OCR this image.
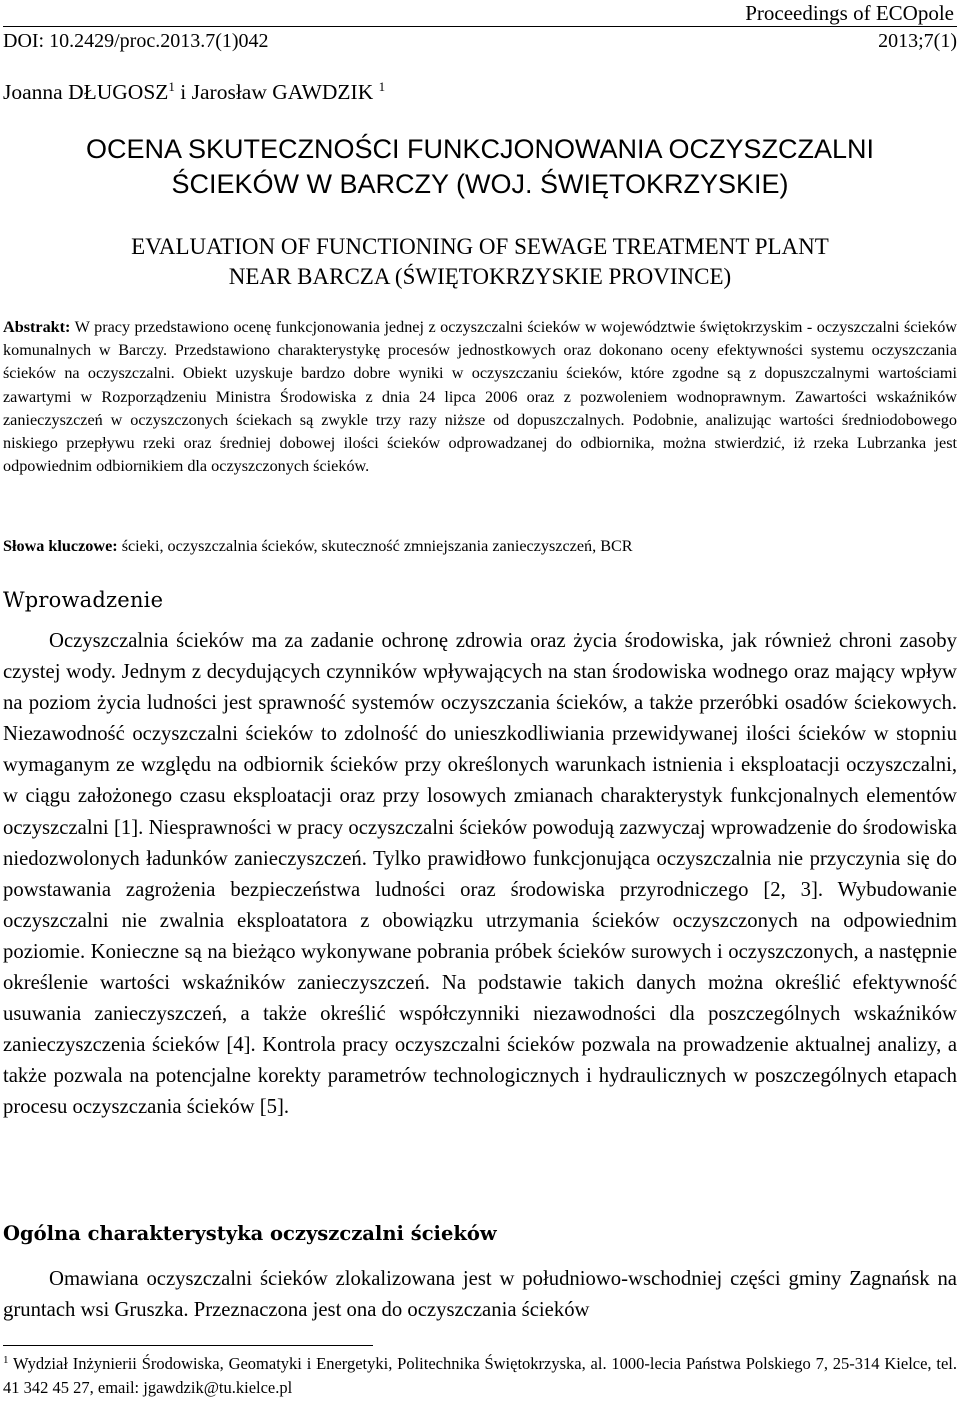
Proceedings of ECOpole
DOI: 10.2429/proc.2013.7(1)042	2013;7(1)
Joanna DŁUGOSZ$^1$ i Jarosław GAWDZIK $^1$
OCENA SKUTECZNOŚCI FUNKCJONOWANIA OCZYSZCZALNI
ŚCIEKÓW W BARCZY (WOJ. ŚWIĘTOKRZYSKIE)
EVALUATION OF FUNCTIONING OF SEWAGE TREATMENT PLANT
NEAR BARCZA (ŚWIĘTOKRZYSKIE PROVINCE)
Abstrakt: W pracy przedstawiono ocenę funkcjonowania jednej z oczyszczalni ścieków w województwie świętokrzyskim - oczyszczalni ścieków komunalnych w Barczy. Przedstawiono charakterystykę procesów jednostkowych oraz dokonano oceny efektywności systemu oczyszczania ścieków na oczyszczalni. Obiekt uzyskuje bardzo dobre wyniki w oczyszczaniu ścieków, które zgodne są z dopuszczalnymi wartościami zawartymi w Rozporządzeniu Ministra Środowiska z dnia 24 lipca 2006 oraz z pozwoleniem wodnoprawnym. Zawartości wskaźników zanieczyszczeń w oczyszczonych ściekach są zwykle trzy razy niższe od dopuszczalnych. Podobnie, analizując wartości średniodobowego niskiego przepływu rzeki oraz średniej dobowej ilości ścieków odprowadzanej do odbiornika, można stwierdzić, iż rzeka Lubrzanka jest odpowiednim odbiornikiem dla oczyszczonych ścieków.
Słowa kluczowe: ścieki, oczyszczalnia ścieków, skuteczność zmniejszania zanieczyszczeń, BCR
Wprowadzenie

Oczyszczalnia ścieków ma za zadanie ochronę zdrowia oraz życia środowiska, jak również chroni zasoby czystej wody. Jednym z decydujących czynników wpływających na stan środowiska wodnego oraz mający wpływ na poziom życia ludności jest sprawność systemów oczyszczania ścieków, a także przeróbki osadów ściekowych. Niezawodność oczyszczalni ścieków to zdolność do unieszkodliwiania przewidywanej ilości ścieków w stopniu wymaganym ze względu na odbiornik ścieków przy określonych warunkach istnienia i eksploatacji oczyszczalni, w ciągu założonego czasu eksploatacji oraz przy losowych zmianach charakterystyk funkcjonalnych elementów oczyszczalni [1]. Niesprawności w pracy oczyszczalni ścieków powodują zazwyczaj wprowadzenie do środowiska niedozwolonych ładunków zanieczyszczeń. Tylko prawidłowo funkcjonująca oczyszczalnia nie przyczynia się do powstawania zagrożenia bezpieczeństwa ludności oraz środowiska przyrodniczego [2, 3]. Wybudowanie oczyszczalni nie zwalnia eksploatatora z obowiązku utrzymania ścieków oczyszczonych na odpowiednim poziomie. Konieczne są na bieżąco wykonywane pobrania próbek ścieków surowych i oczyszczonych, a następnie określenie wartości wskaźników zanieczyszczeń. Na podstawie takich danych można określić efektywność usuwania zanieczyszczeń, a także określić współczynniki niezawodności dla poszczególnych wskaźników zanieczyszczenia ścieków [4]. Kontrola pracy oczyszczalni ścieków pozwala na prowadzenie aktualnej analizy, a także pozwala na potencjalne korekty parametrów technologicznych i hydraulicznych w poszczególnych etapach procesu oczyszczania ścieków [5].

Ogólna charakterystyka oczyszczalni ścieków

Omawiana oczyszczalni ścieków zlokalizowana jest w południowo-wschodniej części gminy Zagnańsk na gruntach wsi Gruszka. Przeznaczona jest ona do oczyszczania ścieków

$^1$ Wydział Inżynierii Środowiska, Geomatyki i Energetyki, Politechnika Świętokrzyska, al. 1000-lecia Państwa Polskiego 7, 25-314 Kielce, tel. 41 342 45 27, email: jgawdzik@tu.kielce.pl
